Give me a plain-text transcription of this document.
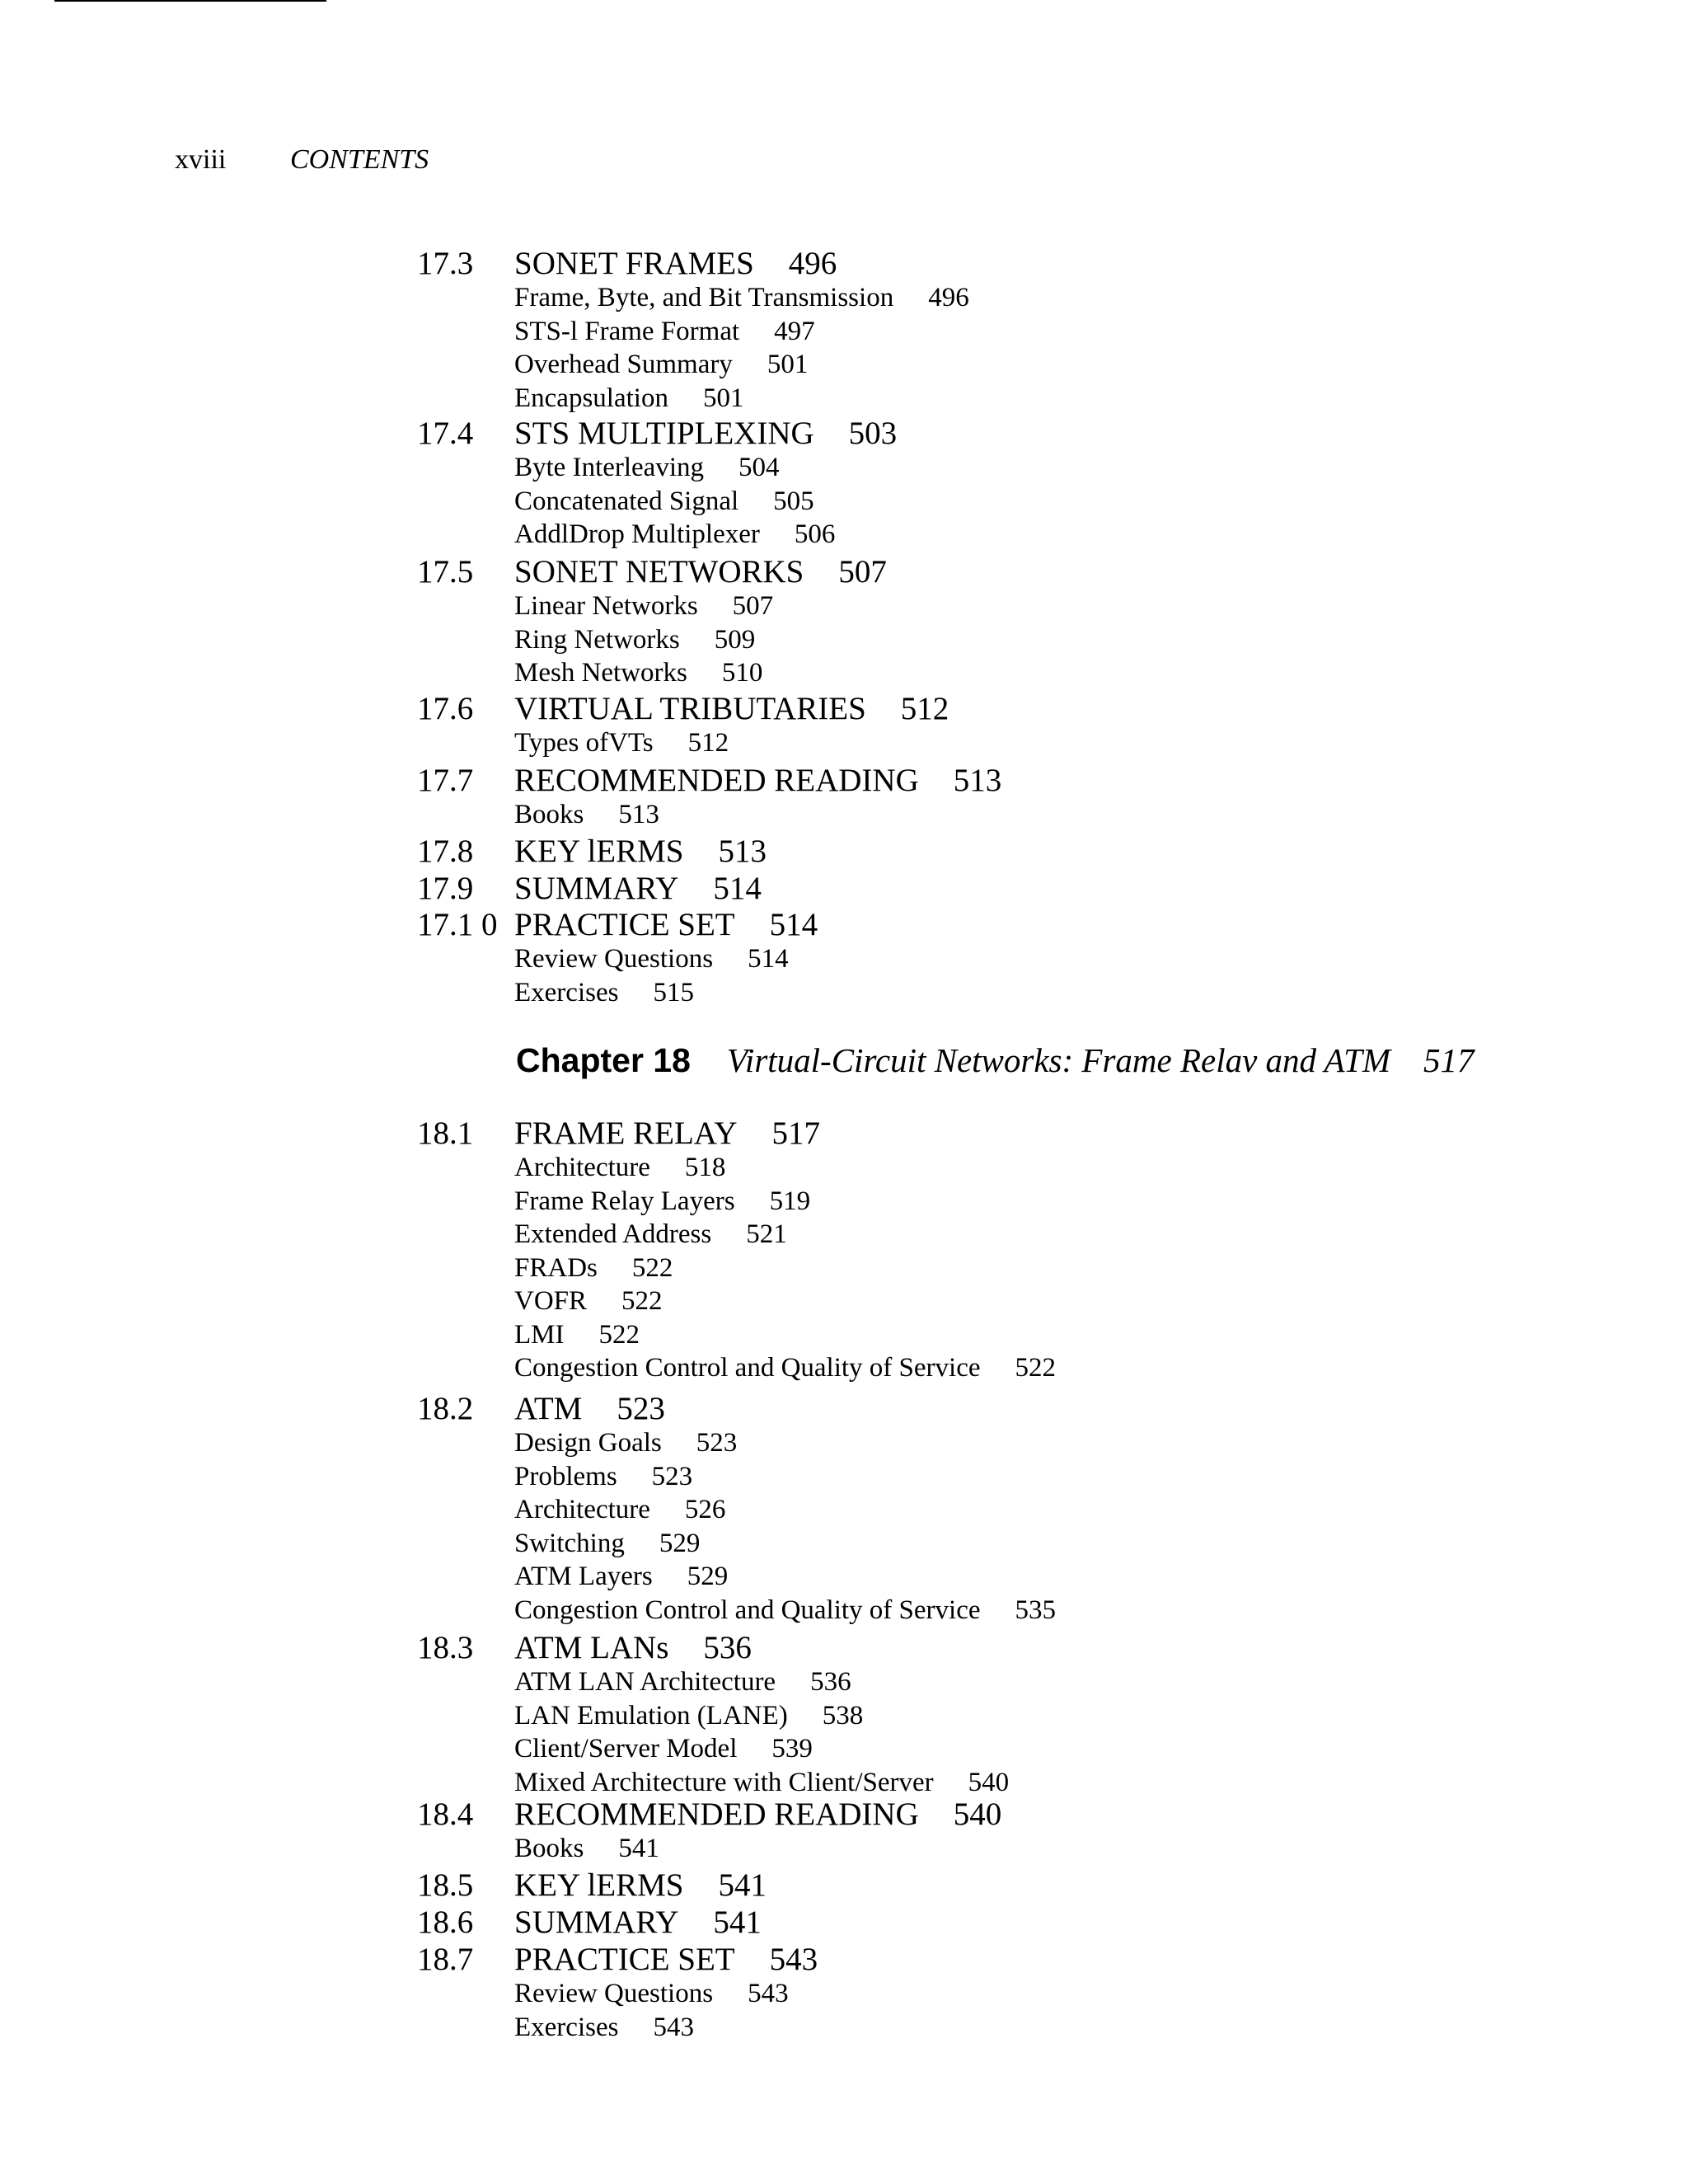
xviii CONTENTS
Chapter 18 Virtual-Circuit Networks: Frame Relav and ATM 517
17.3 SONET FRAMES 496
Frame, Byte, and Bit Transmission 496
STS-l Frame Format 497
Overhead Summary 501
Encapsulation 501
17.4 STS MULTIPLEXING 503
Byte Interleaving 504
Concatenated Signal 505
AddlDrop Multiplexer 506
17.5 SONET NETWORKS 507
Linear Networks 507
Ring Networks 509
Mesh Networks 510
17.6 VIRTUAL TRIBUTARIES 512
Types ofVTs 512
17.7 RECOMMENDED READING 513
Books 513
17.8 KEY lERMS 513
17.9 SUMMARY 514
17.1 0 PRACTICE SET 514
Review Questions 514
Exercises 515
18.1 FRAME RELAY 517
Architecture 518
Frame Relay Layers 519
Extended Address 521
FRADs 522
VOFR 522
LMI 522
Congestion Control and Quality of Service 522
18.2 ATM 523
Design Goals 523
Problems 523
Architecture 526
Switching 529
ATM Layers 529
Congestion Control and Quality of Service 535
18.3 ATM LANs 536
ATM LAN Architecture 536
LAN Emulation (LANE) 538
Client/Server Model 539
Mixed Architecture with Client/Server 540
18.4 RECOMMENDED READING 540
Books 541
18.5 KEY lERMS 541
18.6 SUMMARY 541
18.7 PRACTICE SET 543
Review Questions 543
Exercises 543
